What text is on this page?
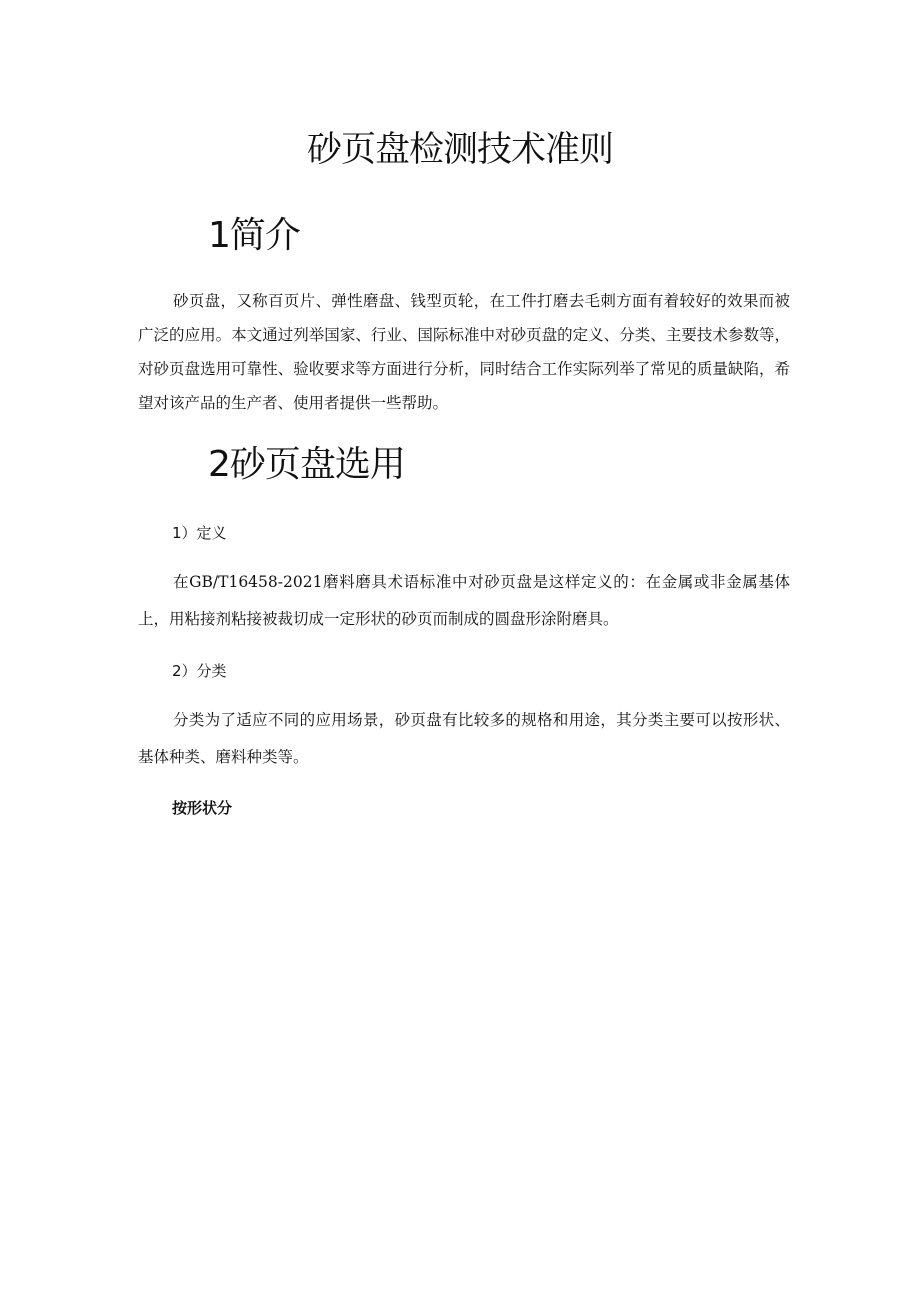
砂页盘检测技术准则
1简介

砂页盘，又称百页片、弹性磨盘、钱型页轮，在工件打磨去毛刺方面有着较好的效果而被广泛的应用。本文通过列举国家、行业、国际标准中对砂页盘的定义、分类、主要技术参数等，对砂页盘选用可靠性、验收要求等方面进行分析，同时结合工作实际列举了常见的质量缺陷，希望对该产品的生产者、使用者提供一些帮助。

2砂页盘选用
1）定义

在GB/T16458-2021磨料磨具术语标准中对砂页盘是这样定义的：在金属或非金属基体上，用粘接剂粘接被裁切成一定形状的砂页而制成的圆盘形涂附磨具。

2）分类

分类为了适应不同的应用场景，砂页盘有比较多的规格和用途，其分类主要可以按形状、基体种类、磨料种类等。

按形状分
